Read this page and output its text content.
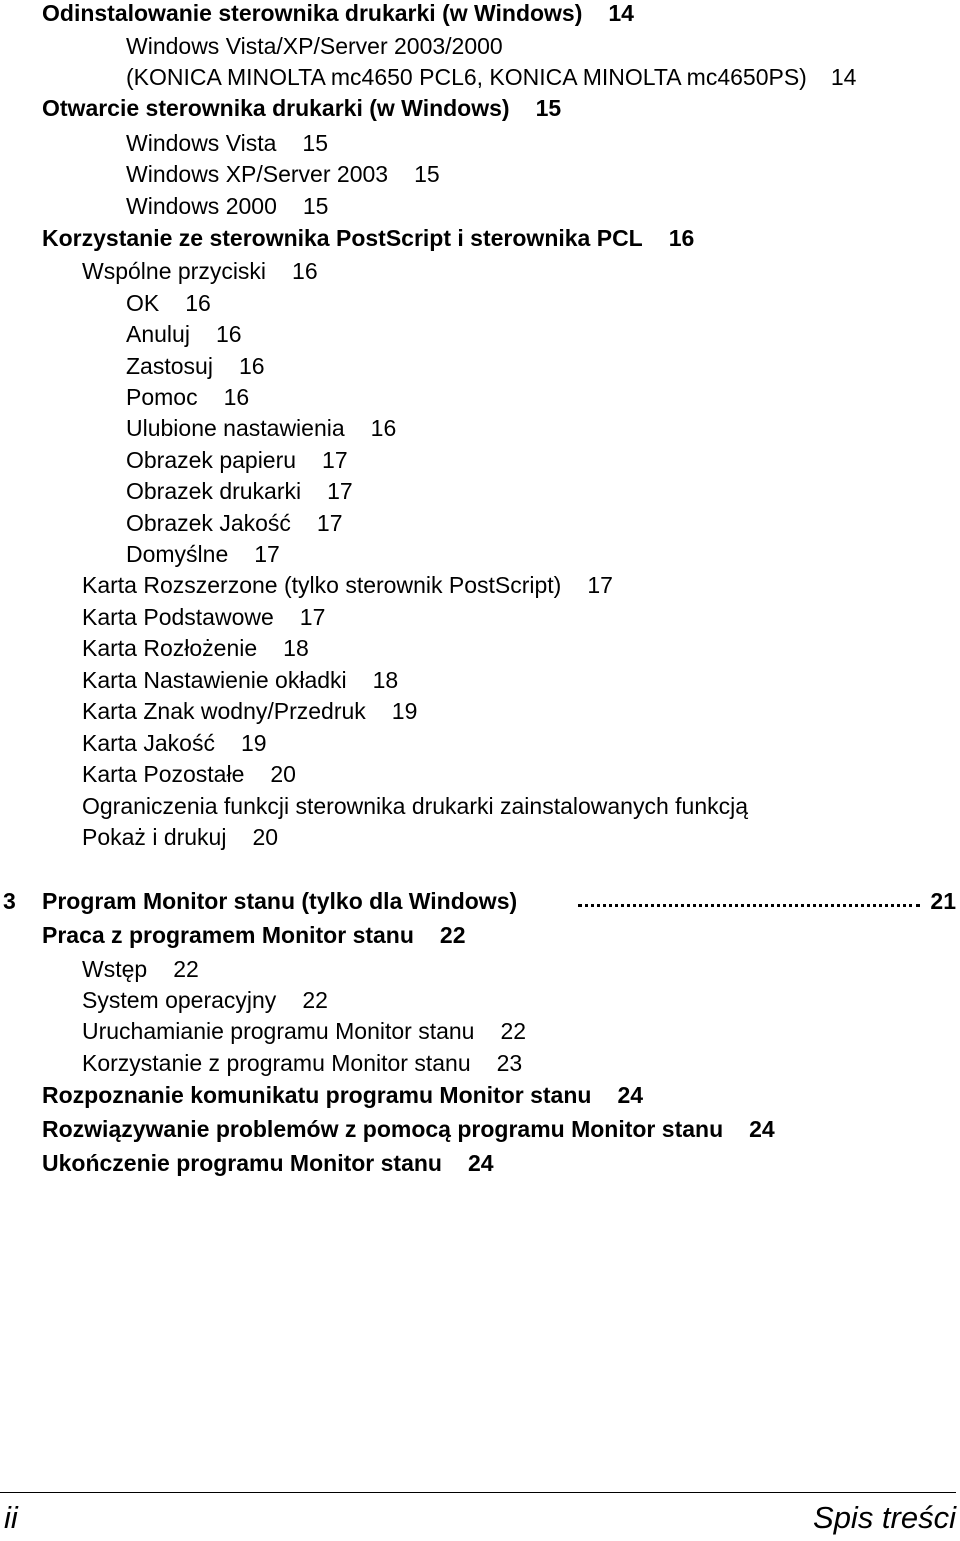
Odinstalowanie sterownika drukarki (w Windows) 14
Windows Vista/XP/Server 2003/2000
(KONICA MINOLTA mc4650 PCL6, KONICA MINOLTA mc4650PS) 14
Otwarcie sterownika drukarki (w Windows) 15
Windows Vista 15
Windows XP/Server 2003 15
Windows 2000 15
Korzystanie ze sterownika PostScript i sterownika PCL 16
Wspólne przyciski 16
OK 16
Anuluj 16
Zastosuj 16
Pomoc 16
Ulubione nastawienia 16
Obrazek papieru 17
Obrazek drukarki 17
Obrazek Jakość 17
Domyślne 17
Karta Rozszerzone (tylko sterownik PostScript) 17
Karta Podstawowe 17
Karta Rozłożenie 18
Karta Nastawienie okładki 18
Karta Znak wodny/Przedruk 19
Karta Jakość 19
Karta Pozostałe 20
Ograniczenia funkcji sterownika drukarki zainstalowanych funkcją
Pokaż i drukuj 20
3 Program Monitor stanu (tylko dla Windows)	21
Praca z programem Monitor stanu 22
Wstęp 22
System operacyjny 22
Uruchamianie programu Monitor stanu 22
Korzystanie z programu Monitor stanu 23
Rozpoznanie komunikatu programu Monitor stanu 24
Rozwiązywanie problemów z pomocą programu Monitor stanu 24
Ukończenie programu Monitor stanu 24
ii	Spis treści
